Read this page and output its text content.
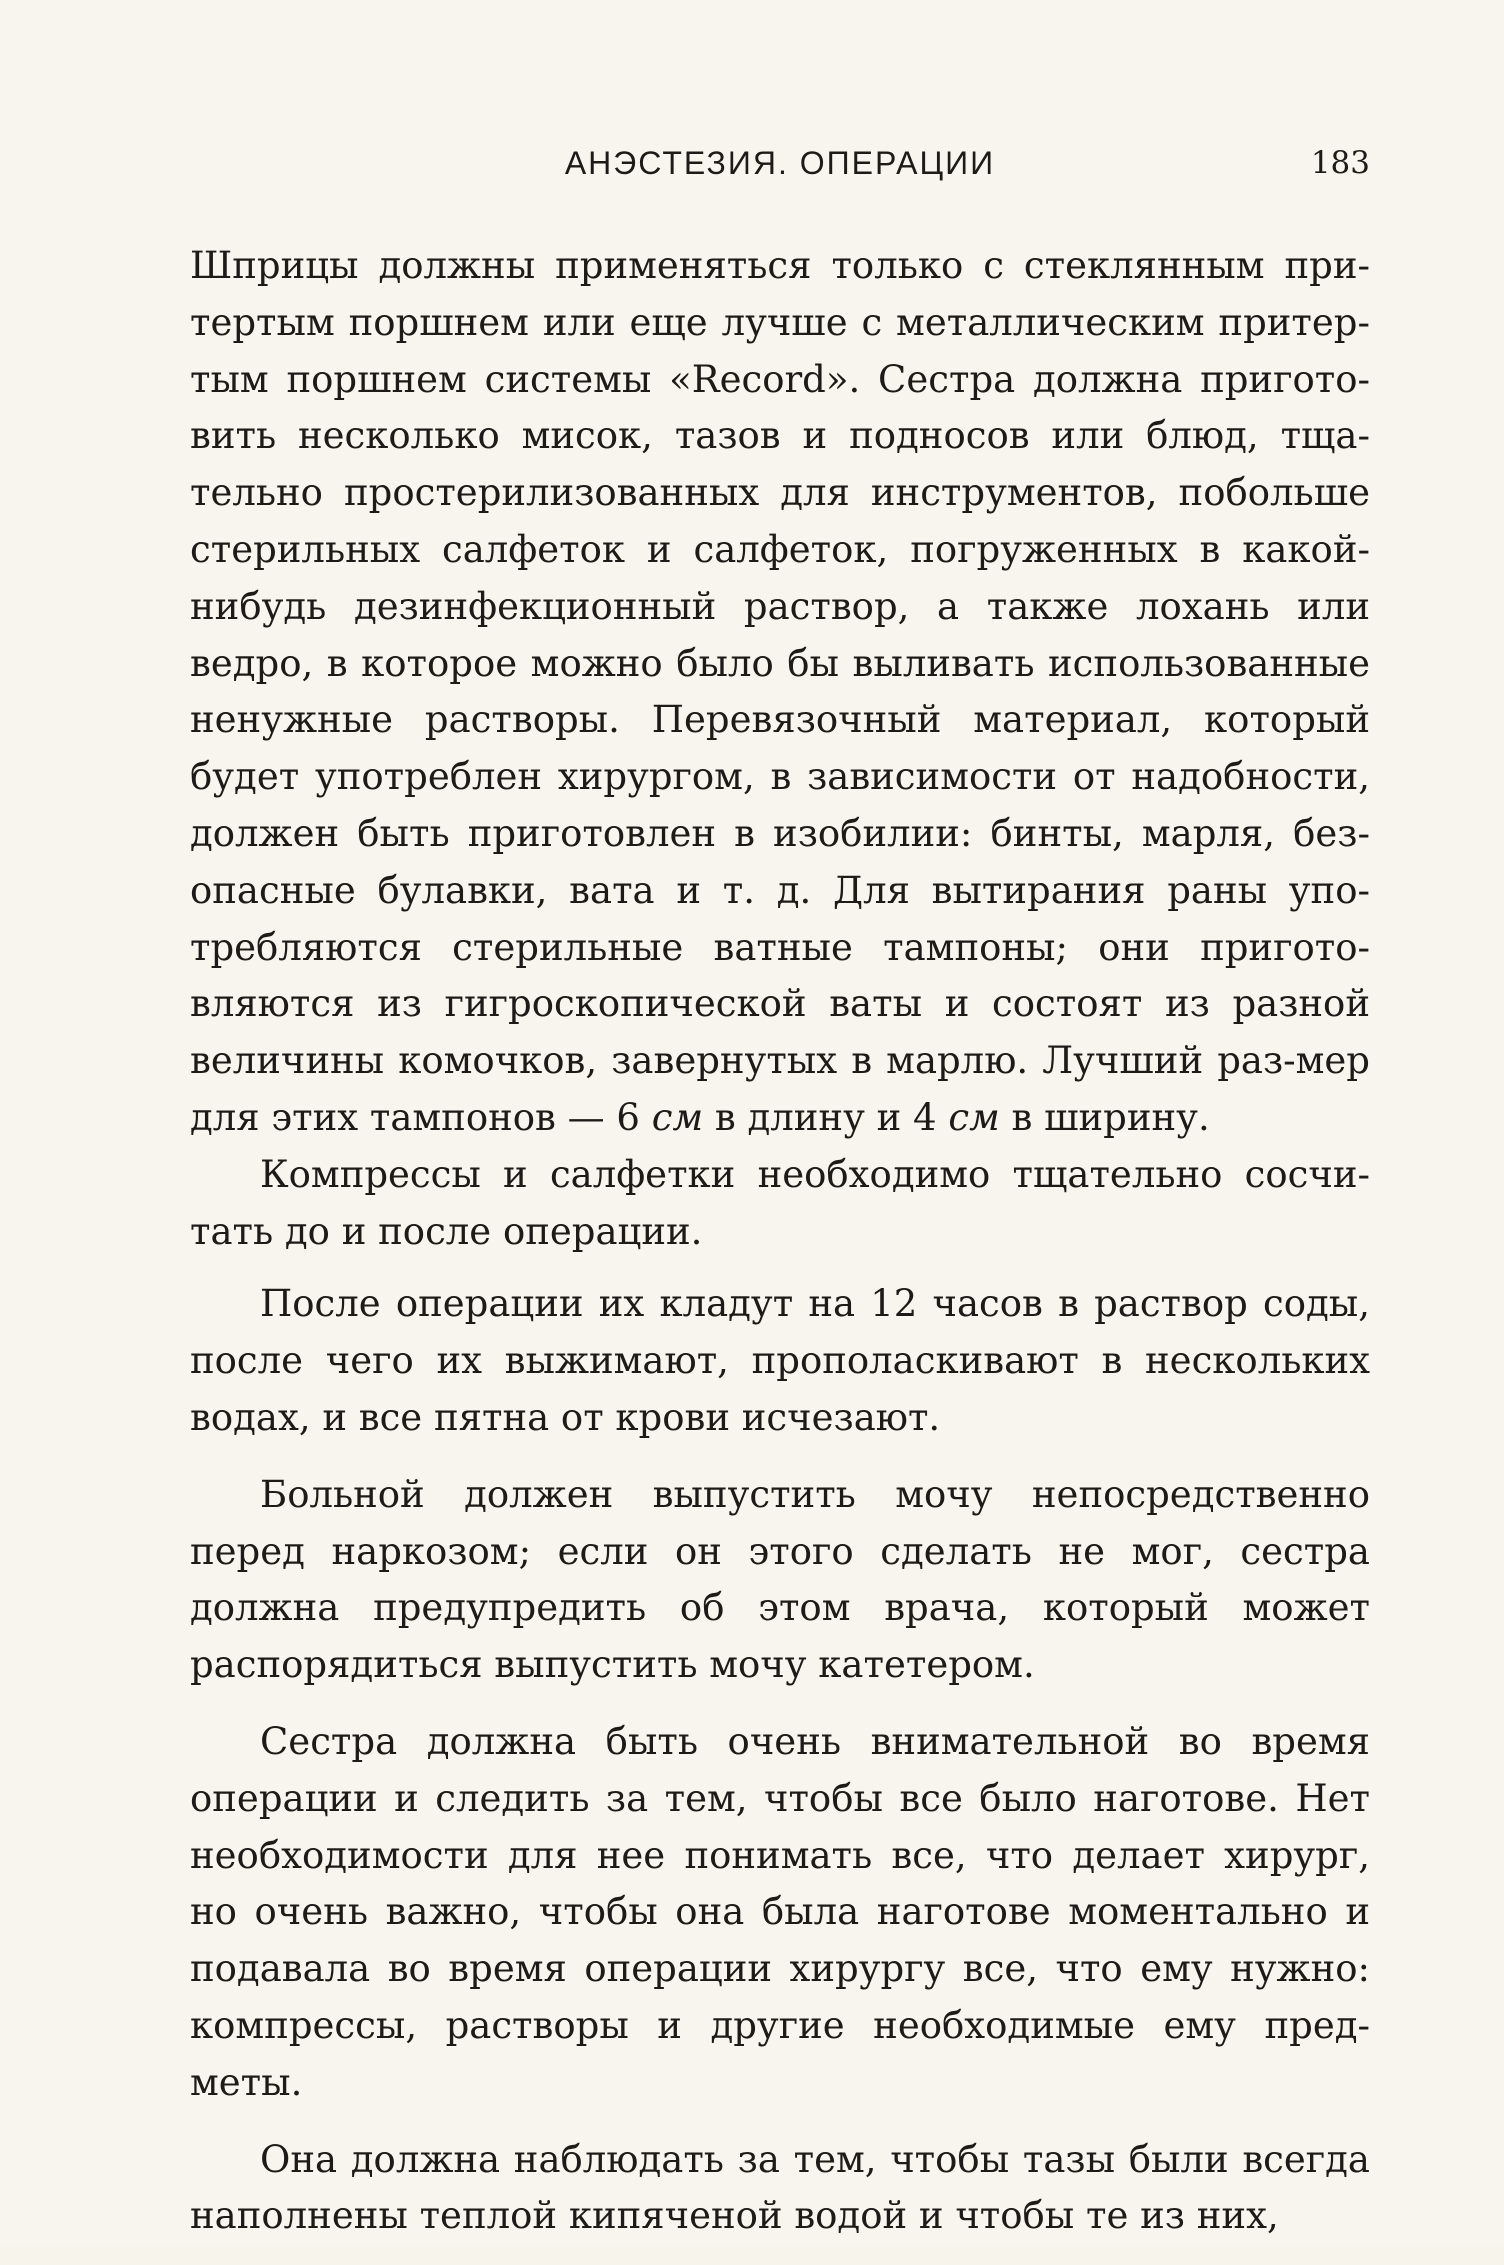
АНЭСТЕЗИЯ. ОПЕРАЦИИ	183

Шприцы должны применяться только с стеклянным при-тертым поршнем или еще лучше с металлическим притер-тым поршнем системы «Record». Сестра должна пригото-вить несколько мисок, тазов и подносов или блюд, тща-тельно простерилизованных для инструментов, побольше стерильных салфеток и салфеток, погруженных в какой-нибудь дезинфекционный раствор, а также лохань или ведро, в которое можно было бы выливать использованные ненужные растворы. Перевязочный материал, который будет употреблен хирургом, в зависимости от надобности, должен быть приготовлен в изобилии: бинты, марля, без-опасные булавки, вата и т. д. Для вытирания раны упо-требляются стерильные ватные тампоны; они пригото-вляются из гигроскопической ваты и состоят из разной величины комочков, завернутых в марлю. Лучший раз-мер для этих тампонов — 6 см в длину и 4 см в ширину.

Компрессы и салфетки необходимо тщательно сосчи-тать до и после операции.

После операции их кладут на 12 часов в раствор соды, после чего их выжимают, прополаскивают в нескольких водах, и все пятна от крови исчезают.

Больной должен выпустить мочу непосредственно перед наркозом; если он этого сделать не мог, сестра должна предупредить об этом врача, который может распорядиться выпустить мочу катетером.

Сестра должна быть очень внимательной во время операции и следить за тем, чтобы все было наготове. Нет необходимости для нее понимать все, что делает хирург, но очень важно, чтобы она была наготове моментально и подавала во время операции хирургу все, что ему нужно: компрессы, растворы и другие необходимые ему пред-меты.

Она должна наблюдать за тем, чтобы тазы были всегда наполнены теплой кипяченой водой и чтобы те из них,
